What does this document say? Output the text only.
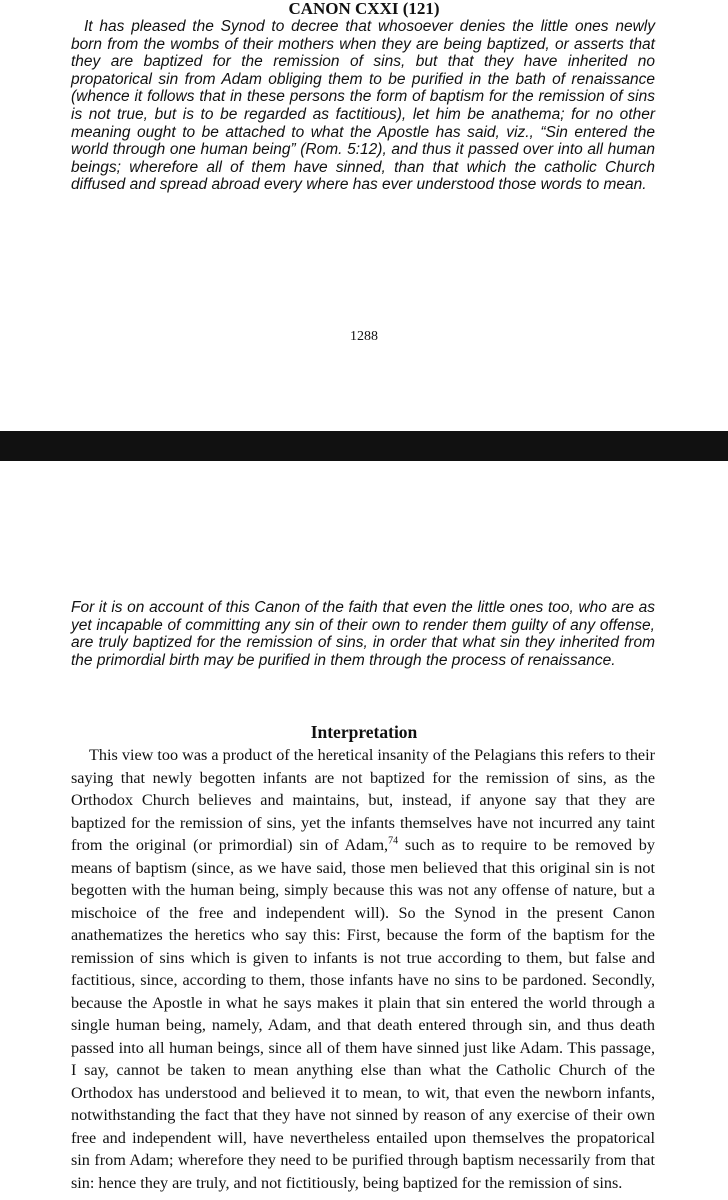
CANON CXXI (121)

It has pleased the Synod to decree that whosoever denies the little ones newly born from the wombs of their mothers when they are being baptized, or asserts that they are baptized for the remission of sins, but that they have inherited no propatorical sin from Adam obliging them to be purified in the bath of renaissance (whence it follows that in these persons the form of baptism for the remission of sins is not true, but is to be regarded as factitious), let him be anathema; for no other meaning ought to be attached to what the Apostle has said, viz., “Sin entered the world through one human being” (Rom. 5:12), and thus it passed over into all human beings; wherefore all of them have sinned, than that which the catholic Church diffused and spread abroad every where has ever understood those words to mean.

1288

For it is on account of this Canon of the faith that even the little ones too, who are as yet incapable of committing any sin of their own to render them guilty of any offense, are truly baptized for the remission of sins, in order that what sin they inherited from the primordial birth may be purified in them through the process of renaissance.

Interpretation

This view too was a product of the heretical insanity of the Pelagians this refers to their saying that newly begotten infants are not baptized for the remission of sins, as the Orthodox Church believes and maintains, but, instead, if anyone say that they are baptized for the remission of sins, yet the infants themselves have not incurred any taint from the original (or primordial) sin of Adam,$^{74}$ such as to require to be removed by means of baptism (since, as we have said, those men believed that this original sin is not begotten with the human being, simply because this was not any offense of nature, but a mischoice of the free and independent will). So the Synod in the present Canon anathematizes the heretics who say this: First, because the form of the baptism for the remission of sins which is given to infants is not true according to them, but false and factitious, since, according to them, those infants have no sins to be pardoned. Secondly, because the Apostle in what he says makes it plain that sin entered the world through a single human being, namely, Adam, and that death entered through sin, and thus death passed into all human beings, since all of them have sinned just like Adam. This passage, I say, cannot be taken to mean anything else than what the Catholic Church of the Orthodox has understood and believed it to mean, to wit, that even the newborn infants, notwithstanding the fact that they have not sinned by reason of any exercise of their own free and independent will, have nevertheless entailed upon themselves the propatorical sin from Adam; wherefore they need to be purified through baptism necessarily from that sin: hence they are truly, and not fictitiously, being baptized for the remission of sins.
